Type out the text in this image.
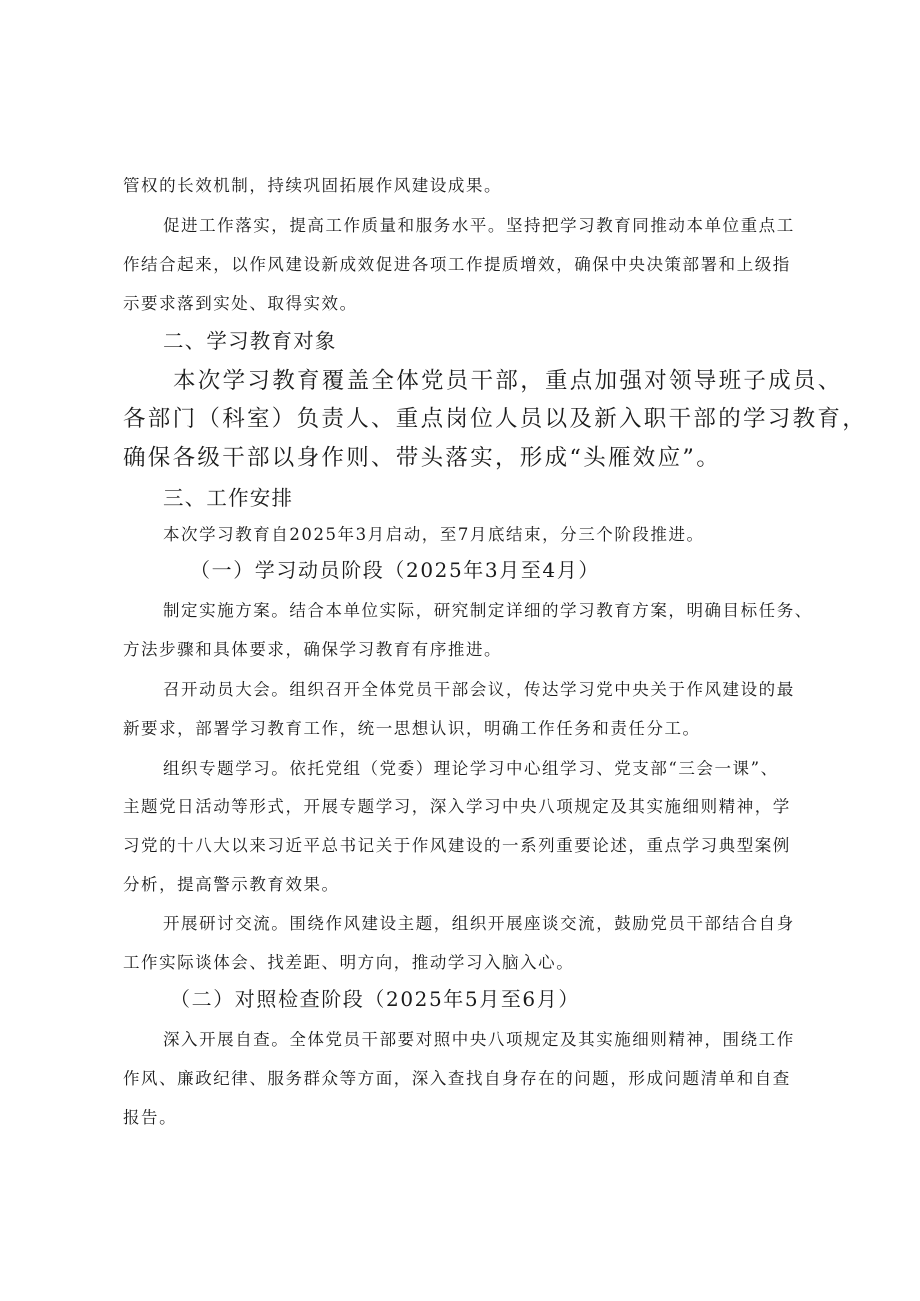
管权的长效机制，持续巩固拓展作风建设成果。
促进工作落实，提高工作质量和服务水平。坚持把学习教育同推动本单位重点工
作结合起来，以作风建设新成效促进各项工作提质增效，确保中央决策部署和上级指
示要求落到实处、取得实效。
二、学习教育对象
本次学习教育覆盖全体党员干部，重点加强对领导班子成员、
各部门（科室）负责人、重点岗位人员以及新入职干部的学习教育，
确保各级干部以身作则、带头落实，形成“头雁效应”。
三、工作安排
本次学习教育自2025年3月启动，至7月底结束，分三个阶段推进。
（一）学习动员阶段（2025年3月至4月）
制定实施方案。结合本单位实际，研究制定详细的学习教育方案，明确目标任务、
方法步骤和具体要求，确保学习教育有序推进。
召开动员大会。组织召开全体党员干部会议，传达学习党中央关于作风建设的最
新要求，部署学习教育工作，统一思想认识，明确工作任务和责任分工。
组织专题学习。依托党组（党委）理论学习中心组学习、党支部“三会一课”、
主题党日活动等形式，开展专题学习，深入学习中央八项规定及其实施细则精神，学
习党的十八大以来习近平总书记关于作风建设的一系列重要论述，重点学习典型案例
分析，提高警示教育效果。
开展研讨交流。围绕作风建设主题，组织开展座谈交流，鼓励党员干部结合自身
工作实际谈体会、找差距、明方向，推动学习入脑入心。
（二）对照检查阶段（2025年5月至6月）
深入开展自查。全体党员干部要对照中央八项规定及其实施细则精神，围绕工作
作风、廉政纪律、服务群众等方面，深入查找自身存在的问题，形成问题清单和自查
报告。
